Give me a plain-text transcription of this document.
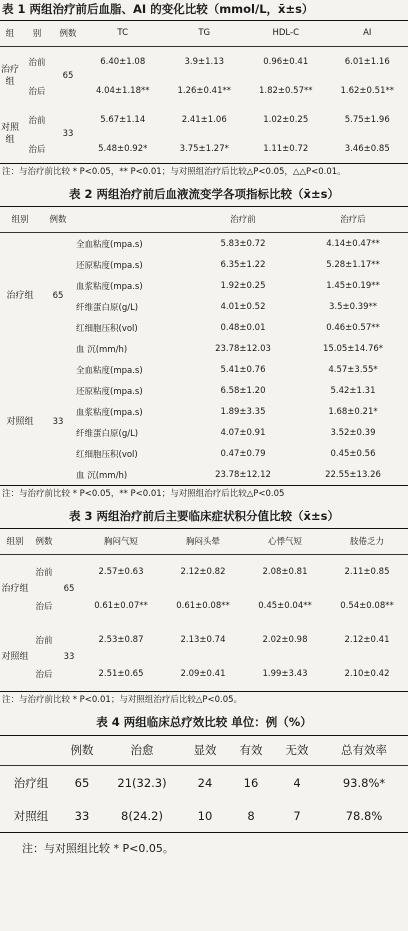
表 1 两组治疗前后血脂、AI 的变化比较（mmol/L，x̄±s）
组	别	例数	TC	TG	HDL-C	AI

治疗组	治前	65	6.40±1.08	3.9±1.13	0.96±0.41	6.01±1.16
	治后		4.04±1.18**	1.26±0.41**	1.82±0.57**	1.62±0.51**
对照组	治前	33	5.67±1.14	2.41±1.06	1.02±0.25	5.75±1.96
	治后		5.48±0.92*	3.75±1.27*	1.11±0.72	3.46±0.85
注：与治疗前比较 * P<0.05，** P<0.01；与对照组治疗后比较△P<0.05，△△P<0.01。
表 2 两组治疗前后血液流变学各项指标比较（x̄±s）
组别	例数		治疗前	治疗后

治疗组	65	全血粘度(mpa.s)	5.83±0.72	4.14±0.47**
		还原粘度(mpa.s)	6.35±1.22	5.28±1.17**
		血浆粘度(mpa.s)	1.92±0.25	1.45±0.19**
		纤维蛋白原(g/L)	4.01±0.52	3.5±0.39**
		红细胞压积(vol)	0.48±0.01	0.46±0.57**
		血 沉(mm/h)	23.78±12.03	15.05±14.76*
对照组	33	全血粘度(mpa.s)	5.41±0.76	4.57±3.55*
		还原粘度(mpa.s)	6.58±1.20	5.42±1.31
		血浆粘度(mpa.s)	1.89±3.35	1.68±0.21*
		纤维蛋白原(g/L)	4.07±0.91	3.52±0.39
		红细胞压积(vol)	0.47±0.79	0.45±0.56
		血 沉(mm/h)	23.78±12.12	22.55±13.26
注：与治疗前比较 * P<0.05，** P<0.01；与对照组治疗后比较△P<0.05
表 3 两组治疗前后主要临床症状积分值比较（x̄±s）
组别	例数		胸闷气短	胸闷头晕	心悸气短	肢倦乏力

治疗组	治前	65	2.57±0.63	2.12±0.82	2.08±0.81	2.11±0.85
	治后		0.61±0.07**	0.61±0.08**	0.45±0.04**	0.54±0.08**
对照组	治前	33	2.53±0.87	2.13±0.74	2.02±0.98	2.12±0.41
	治后		2.51±0.65	2.09±0.41	1.99±3.43	2.10±0.42
注：与治疗前比较 * P<0.01；与对照组治疗后比较△P<0.05。
表 4 两组临床总疗效比较 单位：例（%）
	例数	治愈	显效	有效	无效	总有效率

治疗组	65	21(32.3)	24	16	4	93.8%*
对照组	33	8(24.2)	10	8	7	78.8%
注：与对照组比较 * P<0.05。
